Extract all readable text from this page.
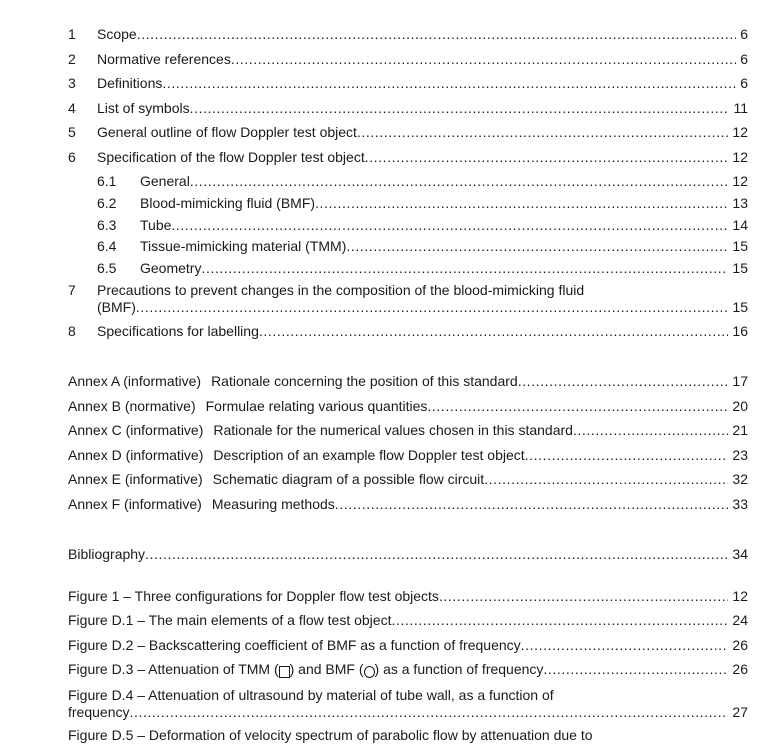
1 Scope .....	6
2 Normative references .....	6
3 Definitions .....	6
4 List of symbols .....	11
5 General outline of flow Doppler test object .....	12
6 Specification of the flow Doppler test object .....	12
6.1 General .....	12
6.2 Blood-mimicking fluid (BMF) .....	13
6.3 Tube .....	14
6.4 Tissue-mimicking material (TMM) .....	15
6.5 Geometry .....	15
7 Precautions to prevent changes in the composition of the blood-mimicking fluid
(BMF) .....	15
8 Specifications for labelling .....	16
Annex A (informative) Rationale concerning the position of this standard .....	17
Annex B (normative) Formulae relating various quantities .....	20
Annex C (informative) Rationale for the numerical values chosen in this standard .....	21
Annex D (informative) Description of an example flow Doppler test object .....	23
Annex E (informative) Schematic diagram of a possible flow circuit .....	32
Annex F (informative) Measuring methods .....	33
Bibliography .....	34
Figure 1 – Three configurations for Doppler flow test objects .....	12
Figure D.1 – The main elements of a flow test object .....	24
Figure D.2 – Backscattering coefficient of BMF as a function of frequency .....	26
Figure D.3 – Attenuation of TMM ( ) and BMF ( ) as a function of frequency .....	26
Figure D.4 – Attenuation of ultrasound by material of tube wall, as a function of
frequency .....	27
Figure D.5 – Deformation of velocity spectrum of parabolic flow by attenuation due to
